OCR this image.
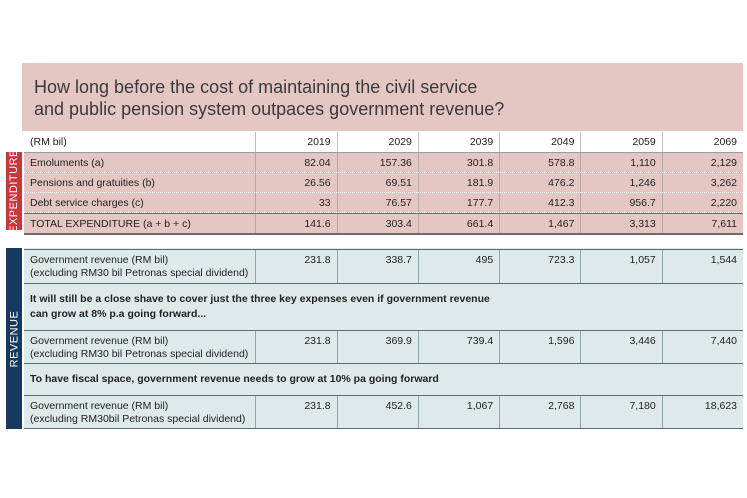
How long before the cost of maintaining the civil service
and public pension system outpaces government revenue?
EXPENDITURE
REVENUE
(RM bil)	2019	2029	2039	2049	2059	2069
Emoluments (a)	82.04	157.36	301.8	578.8	1,110	2,129
Pensions and gratuities (b)	26.56	69.51	181.9	476.2	1,246	3,262
Debt service charges (c)	33	76.57	177.7	412.3	956.7	2,220
TOTAL EXPENDITURE (a + b + c)	141.6	303.4	661.4	1,467	3,313	7,611
Government revenue (RM bil)
(excluding RM30 bil Petronas special dividend)
231.8	338.7	495	723.3	1,057	1,544
It will still be a close shave to cover just the three key expenses even if government revenue
can grow at 8% p.a going forward...
Government revenue (RM bil)
(excluding RM30 bil Petronas special dividend)
231.8	369.9	739.4	1,596	3,446	7,440
To have fiscal space, government revenue needs to grow at 10% pa going forward
Government revenue (RM bil)
(excluding RM30bil Petronas special dividend)
231.8	452.6	1,067	2,768	7,180	18,623
